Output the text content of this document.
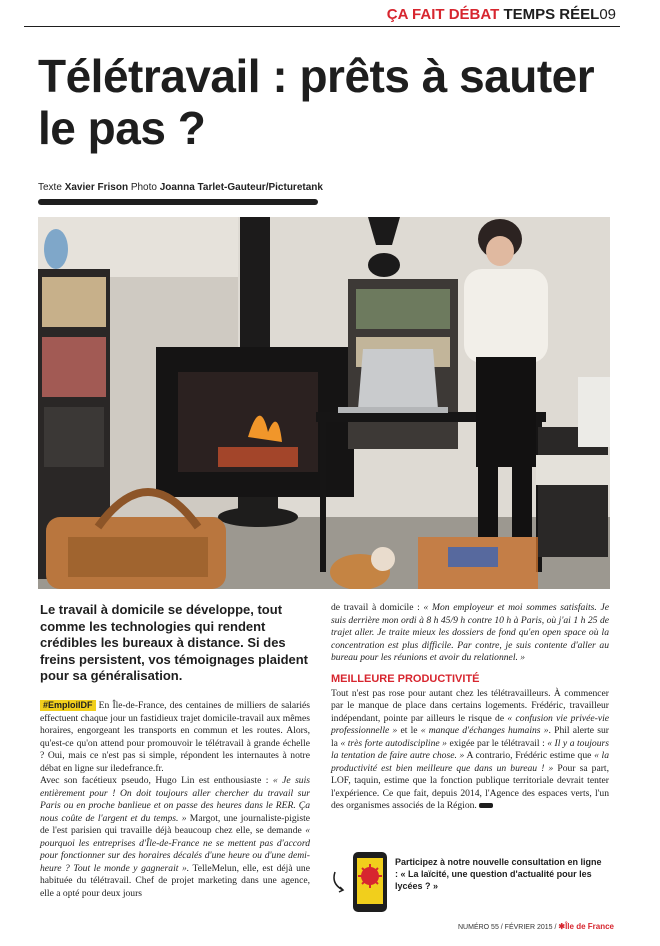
ÇA FAIT DÉBAT TEMPS RÉEL09
Télétravail : prêts à sauter le pas ?
Texte Xavier Frison Photo Joanna Tarlet-Gauteur/Picturetank
Le travail à domicile se développe, tout comme les technologies qui rendent crédibles les bureaux à distance. Si des freins persistent, vos témoignages plaident pour sa généralisation.

#EmploiIDF En Île-de-France, des centaines de milliers de salariés effectuent chaque jour un fastidieux trajet domicile-travail aux mêmes horaires, engorgeant les transports en commun et les routes. Alors, qu'est-ce qu'on attend pour promouvoir le télétravail à grande échelle ? Oui, mais ce n'est pas si simple, répondent les internautes à notre débat en ligne sur iledefrance.fr.

Avec son facétieux pseudo, Hugo Lin est enthousiaste : « Je suis entièrement pour ! On doit toujours aller chercher du travail sur Paris ou en proche banlieue et on passe des heures dans le RER. Ça nous coûte de l'argent et du temps. » Margot, une journaliste-pigiste de l'est parisien qui travaille déjà beaucoup chez elle, se demande « pourquoi les entreprises d'Île-de-France ne se mettent pas d'accord pour fonctionner sur des horaires décalés d'une heure ou d'une demi-heure ? Tout le monde y gagnerait ». TelleMelun, elle, est déjà une habituée du télétravail. Chef de projet marketing dans une agence, elle a opté pour deux jours

de travail à domicile : « Mon employeur et moi sommes satisfaits. Je suis derrière mon ordi à 8 h 45/9 h contre 10 h à Paris, où j'ai 1 h 25 de trajet aller. Je traite mieux les dossiers de fond qu'en open space où la concentration est plus difficile. Par contre, je suis contente d'aller au bureau pour les réunions et avoir du relationnel. »

MEILLEURE PRODUCTIVITÉ

Tout n'est pas rose pour autant chez les télétravailleurs. À commencer par le manque de place dans certains logements. Frédéric, travailleur indépendant, pointe par ailleurs le risque de « confusion vie privée-vie professionnelle » et le « manque d'échanges humains ». Phil alerte sur la « très forte autodiscipline » exigée par le télétravail : « Il y a toujours la tentation de faire autre chose. » A contrario, Frédéric estime que « la productivité est bien meilleure que dans un bureau ! » Pour sa part, LOF, taquin, estime que la fonction publique territoriale devrait tenter l'expérience. Ce que fait, depuis 2014, l'Agence des espaces verts, l'un des organismes associés de la Région.

Participez à notre nouvelle consultation en ligne : « La laïcité, une question d'actualité pour les lycées ? »
NUMÉRO 55 / FÉVRIER 2015 / ✱Île de France
